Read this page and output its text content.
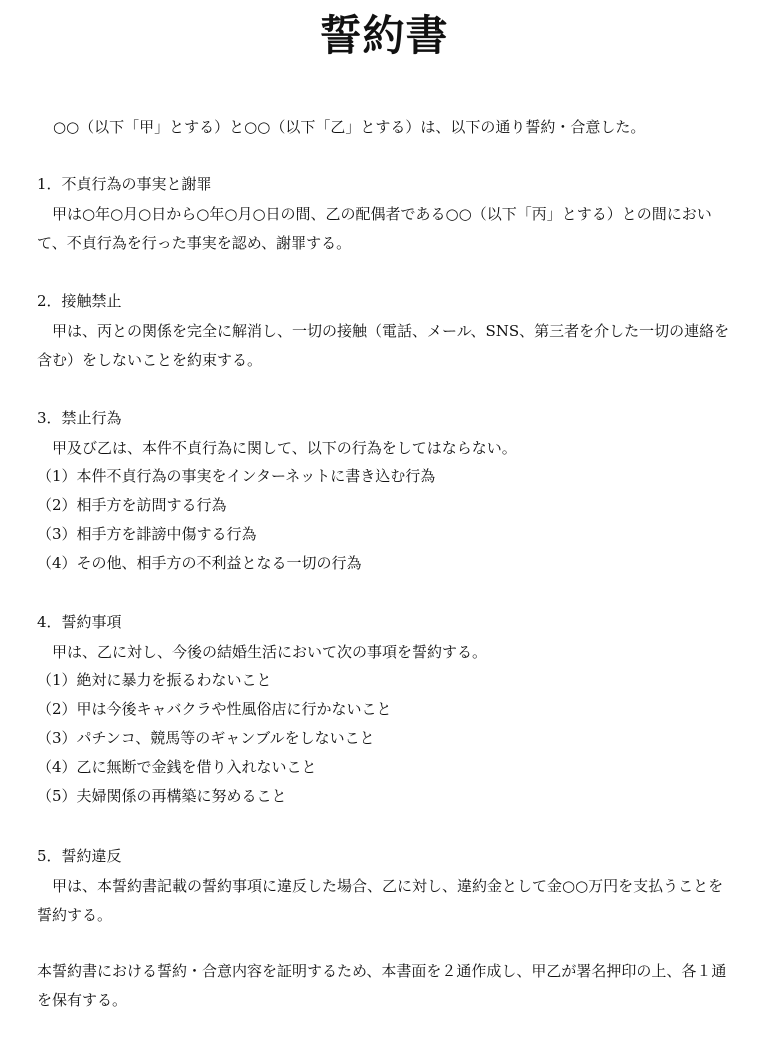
誓約書
○○（以下「甲」とする）と○○（以下「乙」とする）は、以下の通り誓約・合意した。
1．不貞行為の事実と謝罪
甲は○年○月○日から○年○月○日の間、乙の配偶者である○○（以下「丙」とする）との間において、不貞行為を行った事実を認め、謝罪する。
2．接触禁止
甲は、丙との関係を完全に解消し、一切の接触（電話、メール、SNS、第三者を介した一切の連絡を含む）をしないことを約束する。
3．禁止行為
甲及び乙は、本件不貞行為に関して、以下の行為をしてはならない。
（1）本件不貞行為の事実をインターネットに書き込む行為
（2）相手方を訪問する行為
（3）相手方を誹謗中傷する行為
（4）その他、相手方の不利益となる一切の行為
4．誓約事項
甲は、乙に対し、今後の結婚生活において次の事項を誓約する。
（1）絶対に暴力を振るわないこと
（2）甲は今後キャバクラや性風俗店に行かないこと
（3）パチンコ、競馬等のギャンブルをしないこと
（4）乙に無断で金銭を借り入れないこと
（5）夫婦関係の再構築に努めること
5．誓約違反
甲は、本誓約書記載の誓約事項に違反した場合、乙に対し、違約金として金○○万円を支払うことを誓約する。
本誓約書における誓約・合意内容を証明するため、本書面を２通作成し、甲乙が署名押印の上、各１通を保有する。
